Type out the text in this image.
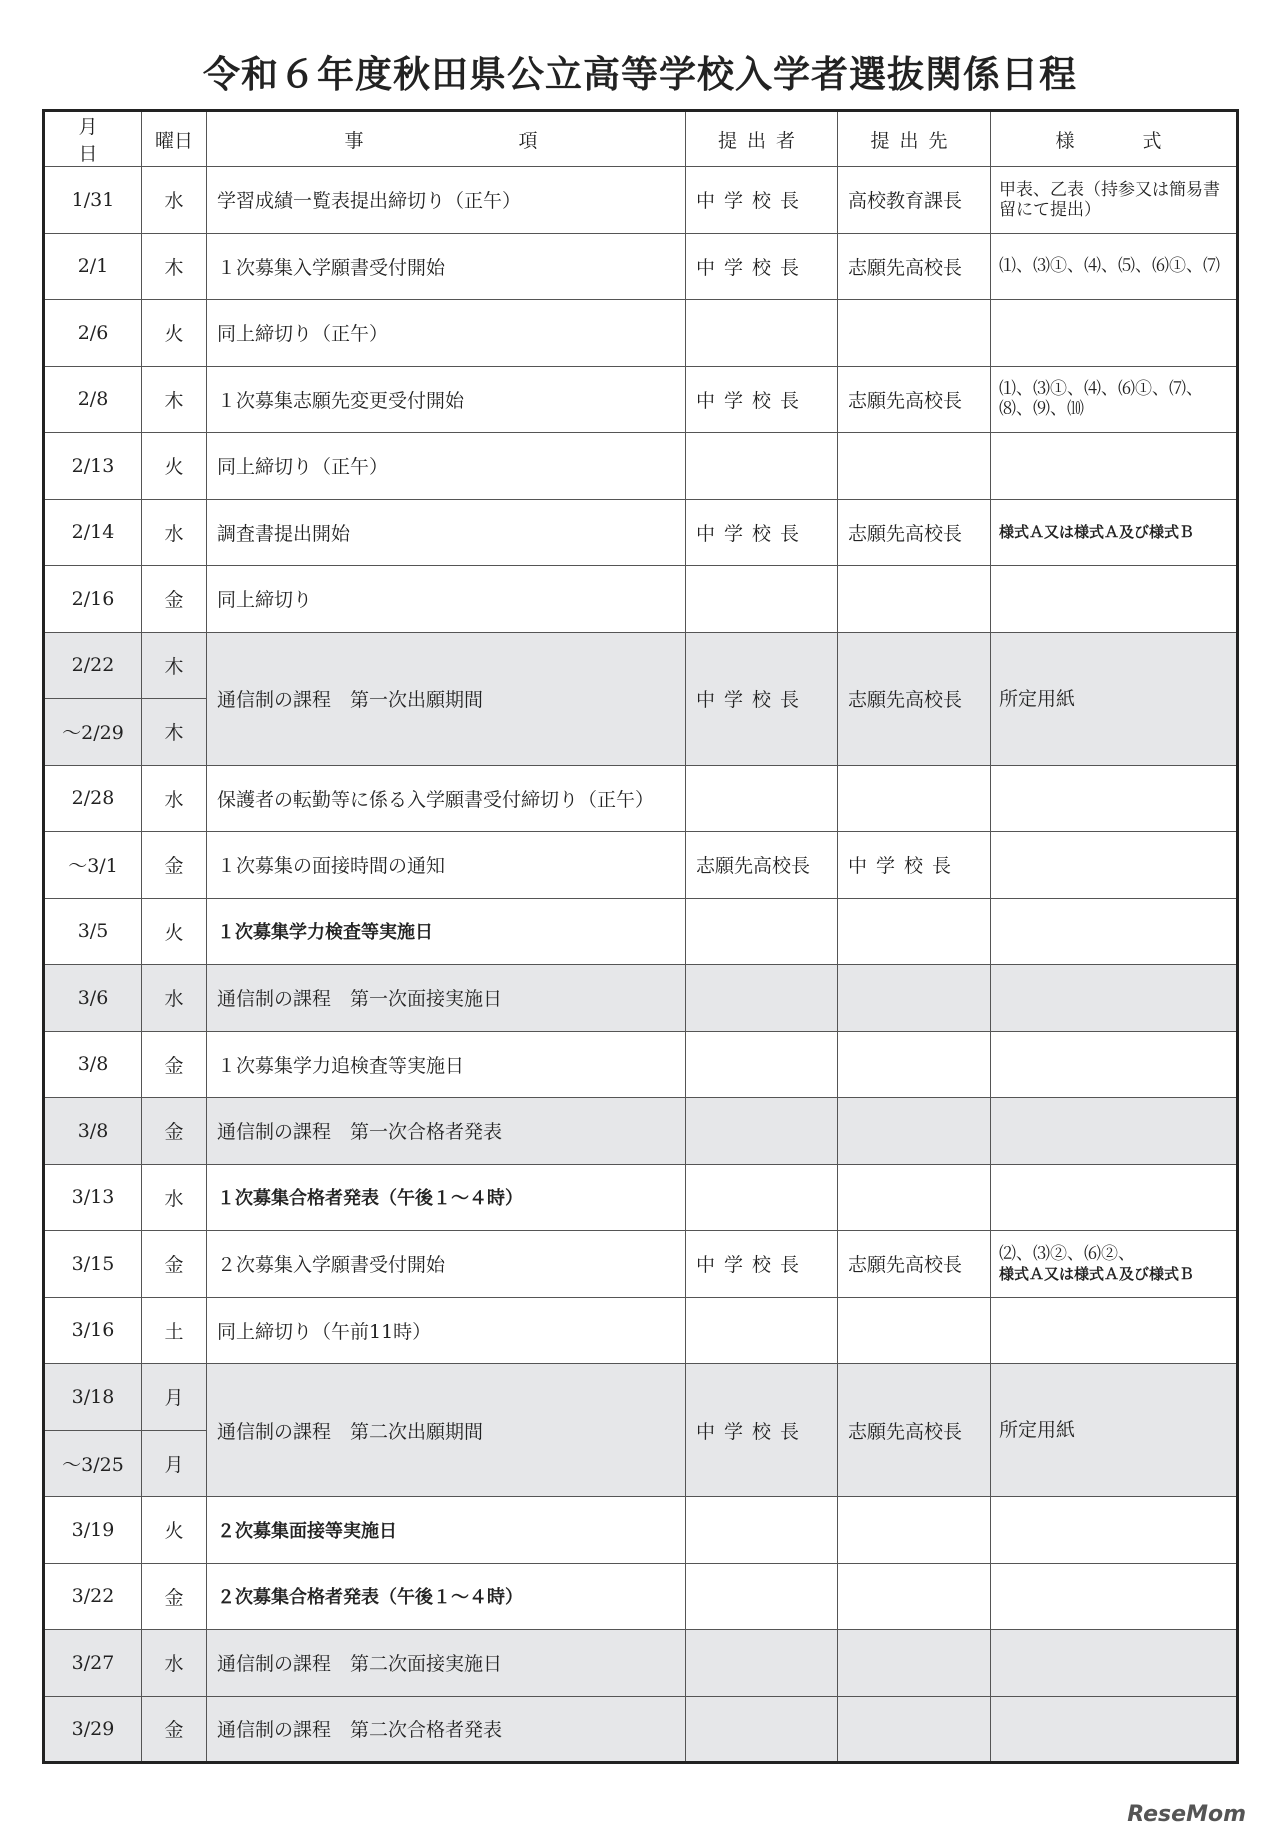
令和６年度秋田県公立高等学校入学者選抜関係日程
月　日	曜日	事　　　　　項	提出者	提出先	様　　式
1/31	水	学習成績一覧表提出締切り（正午）	中学校長	高校教育課長	甲表、乙表（持参又は簡易書留にて提出）
2/1	木	１次募集入学願書受付開始	中学校長	志願先高校長	⑴、⑶①、⑷、⑸、⑹①、⑺
2/6	火	同上締切り（正午）			
2/8	木	１次募集志願先変更受付開始	中学校長	志願先高校長	⑴、⑶①、⑷、⑹①、⑺、⑻、⑼、⑽
2/13	火	同上締切り（正午）			
2/14	水	調査書提出開始	中学校長	志願先高校長	様式Ａ又は様式Ａ及び様式Ｂ
2/16	金	同上締切り			
2/22	木	通信制の課程　第一次出願期間	中学校長	志願先高校長	所定用紙
～2/29	木				
2/28	水	保護者の転勤等に係る入学願書受付締切り（正午）			
～3/1	金	１次募集の面接時間の通知	志願先高校長	中学校長	
3/5	火	１次募集学力検査等実施日			
3/6	水	通信制の課程　第一次面接実施日			
3/8	金	１次募集学力追検査等実施日			
3/8	金	通信制の課程　第一次合格者発表			
3/13	水	１次募集合格者発表（午後１～４時）			
3/15	金	２次募集入学願書受付開始	中学校長	志願先高校長	⑵、⑶②、⑹②、
様式Ａ又は様式Ａ及び様式Ｂ
3/16	土	同上締切り（午前11時）			
3/18	月	通信制の課程　第二次出願期間	中学校長	志願先高校長	所定用紙
～3/25	月				
3/19	火	２次募集面接等実施日			
3/22	金	２次募集合格者発表（午後１～４時）			
3/27	水	通信制の課程　第二次面接実施日			
3/29	金	通信制の課程　第二次合格者発表			
ReseMom
